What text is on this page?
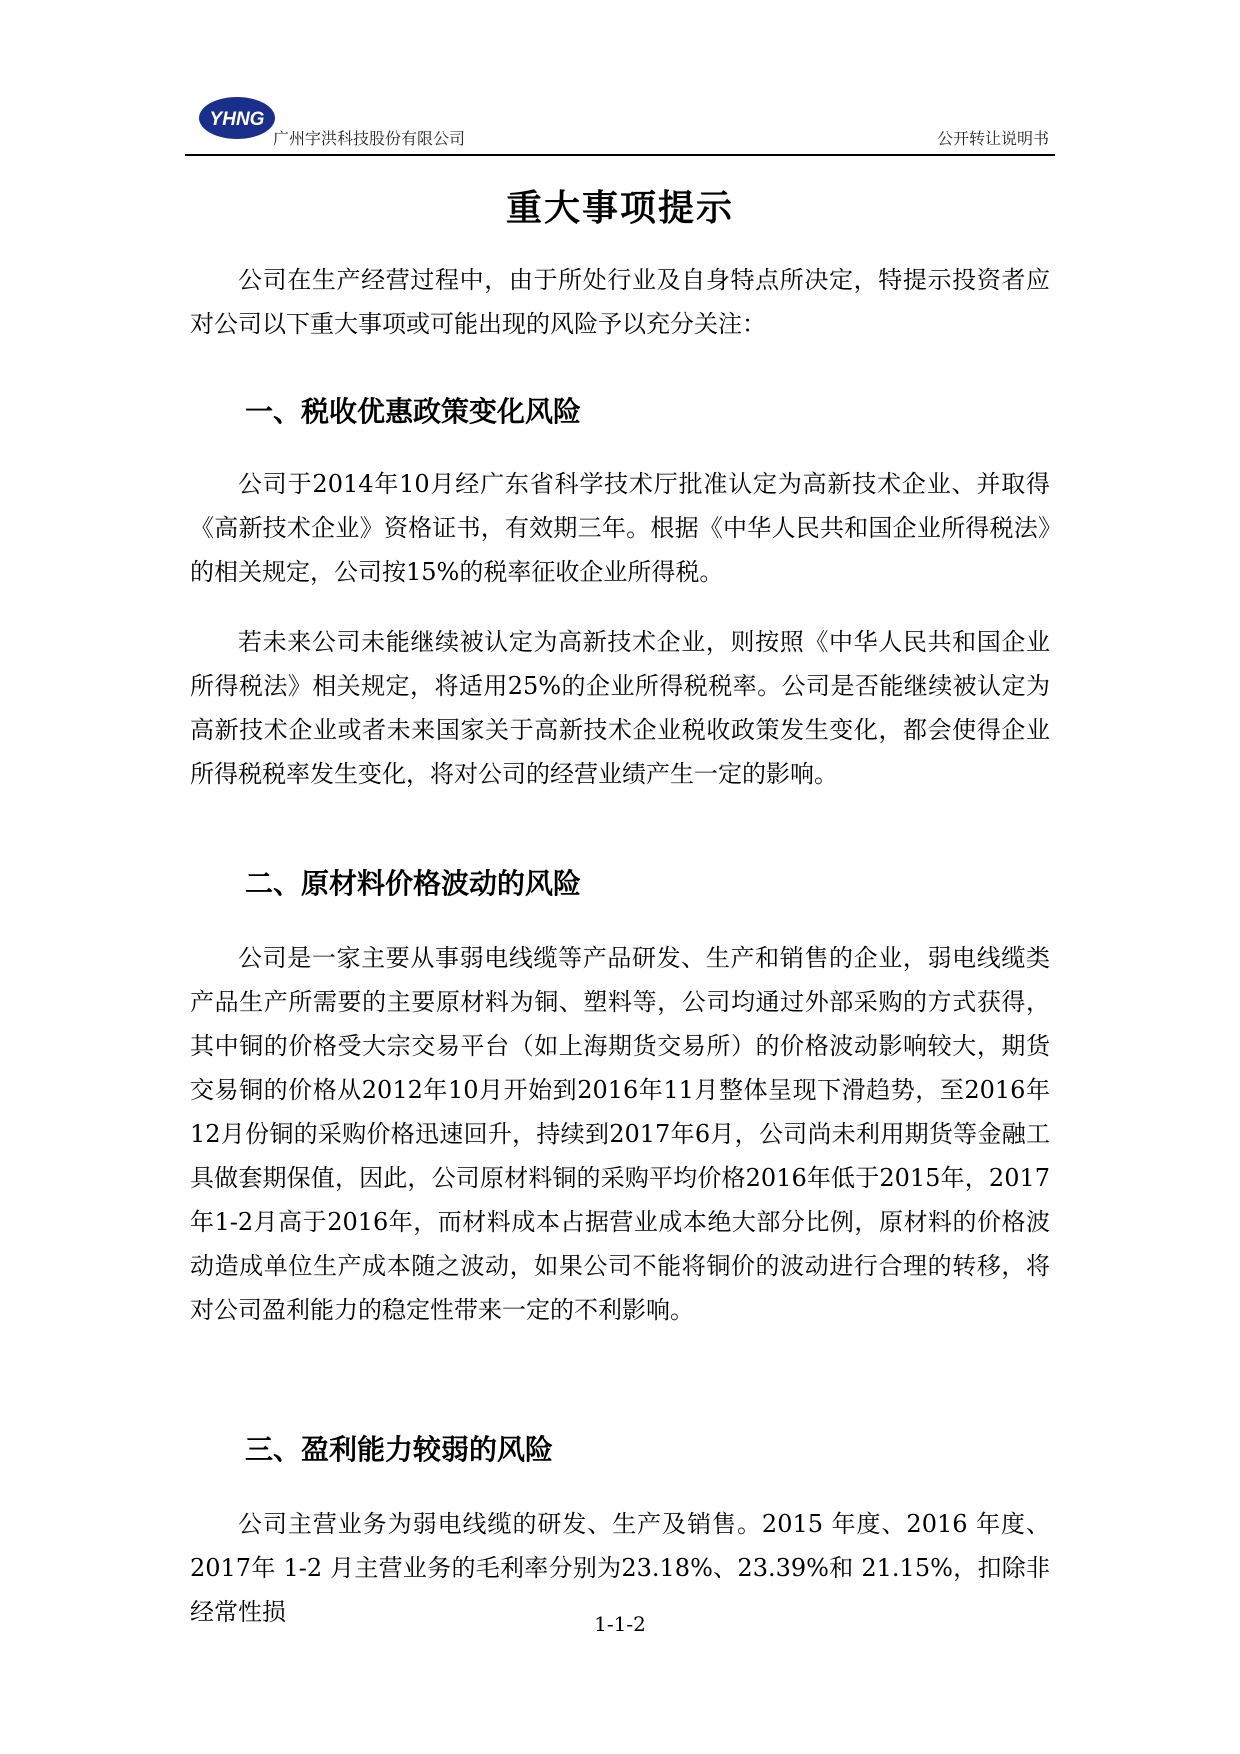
YHNG
广州宇洪科技股份有限公司	公开转让说明书
重大事项提示

公司在生产经营过程中，由于所处行业及自身特点所决定，特提示投资者应对公司以下重大事项或可能出现的风险予以充分关注：

一、税收优惠政策变化风险

公司于2014年10月经广东省科学技术厅批准认定为高新技术企业、并取得《高新技术企业》资格证书，有效期三年。根据《中华人民共和国企业所得税法》的相关规定，公司按15%的税率征收企业所得税。

若未来公司未能继续被认定为高新技术企业，则按照《中华人民共和国企业所得税法》相关规定，将适用25%的企业所得税税率。公司是否能继续被认定为高新技术企业或者未来国家关于高新技术企业税收政策发生变化，都会使得企业所得税税率发生变化，将对公司的经营业绩产生一定的影响。

二、原材料价格波动的风险

公司是一家主要从事弱电线缆等产品研发、生产和销售的企业，弱电线缆类产品生产所需要的主要原材料为铜、塑料等，公司均通过外部采购的方式获得，其中铜的价格受大宗交易平台（如上海期货交易所）的价格波动影响较大，期货交易铜的价格从2012年10月开始到2016年11月整体呈现下滑趋势，至2016年12月份铜的采购价格迅速回升，持续到2017年6月，公司尚未利用期货等金融工具做套期保值，因此，公司原材料铜的采购平均价格2016年低于2015年，2017年1-2月高于2016年，而材料成本占据营业成本绝大部分比例，原材料的价格波动造成单位生产成本随之波动，如果公司不能将铜价的波动进行合理的转移，将对公司盈利能力的稳定性带来一定的不利影响。

三、盈利能力较弱的风险

公司主营业务为弱电线缆的研发、生产及销售。2015 年度、2016 年度、2017年 1-2 月主营业务的毛利率分别为23.18%、23.39%和 21.15%，扣除非经常性损	1-1-2
